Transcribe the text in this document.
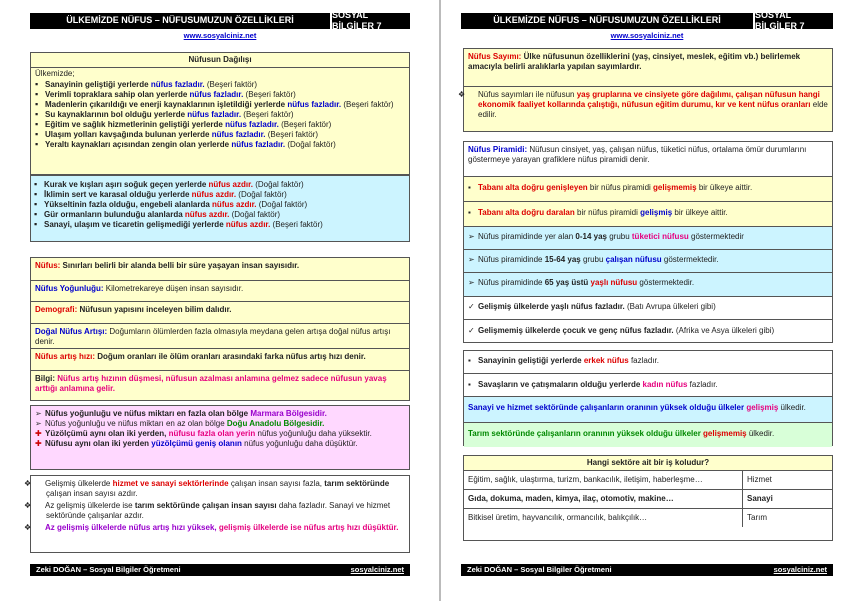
ÜLKEMİZDE NÜFUS – NÜFUSUMUZUN ÖZELLİKLERİ
SOSYAL BİLGİLER 7
www.sosyalciniz.net
Nüfusun Dağılışı
Ülkemizde;
▪ Sanayinin geliştiği yerlerde nüfus fazladır. (Beşeri faktör)
▪ Verimli topraklara sahip olan yerlerde nüfus fazladır. (Beşeri faktör)
▪ Madenlerin çıkarıldığı ve enerji kaynaklarının işletildiği yerlerde nüfus fazladır. (Beşeri faktör)
▪ Su kaynaklarının bol olduğu yerlerde nüfus fazladır. (Beşeri faktör)
▪ Eğitim ve sağlık hizmetlerinin geliştiği yerlerde nüfus fazladır. (Beşeri faktör)
▪ Ulaşım yolları kavşağında bulunan yerlerde nüfus fazladır. (Beşeri faktör)
▪ Yeraltı kaynakları açısından zengin olan yerlerde nüfus fazladır. (Doğal faktör)
▪ Kurak ve kışları aşırı soğuk geçen yerlerde nüfus azdır. (Doğal faktör)
▪ İklimin sert ve karasal olduğu yerlerde nüfus azdır. (Doğal faktör)
▪ Yükseltinin fazla olduğu, engebeli alanlarda nüfus azdır. (Doğal faktör)
▪ Gür ormanların bulunduğu alanlarda nüfus azdır. (Doğal faktör)
▪ Sanayi, ulaşım ve ticaretin gelişmediği yerlerde nüfus azdır. (Beşeri faktör)
Nüfus: Sınırları belirli bir alanda belli bir süre yaşayan insan sayısıdır.
Nüfus Yoğunluğu: Kilometrekareye düşen insan sayısıdır.
Demografi: Nüfusun yapısını inceleyen bilim dalıdır.
Doğal Nüfus Artışı: Doğumların ölümlerden fazla olmasıyla meydana gelen artışa doğal nüfus artışı denir.
Nüfus artış hızı: Doğum oranları ile ölüm oranları arasındaki farka nüfus artış hızı denir.
Bilgi: Nüfus artış hızının düşmesi, nüfusun azalması anlamına gelmez sadece nüfusun yavaş arttığı anlamına gelir.
➢ Nüfus yoğunluğu ve nüfus miktarı en fazla olan bölge Marmara Bölgesidir.
➢ Nüfus yoğunluğu ve nüfus miktarı en az olan bölge Doğu Anadolu Bölgesidir.
✚ Yüzölçümü aynı olan iki yerden, nüfusu fazla olan yerin nüfus yoğunluğu daha yüksektir.
✚ Nüfusu aynı olan iki yerden yüzölçümü geniş olanın nüfus yoğunluğu daha düşüktür.
❖ Gelişmiş ülkelerde hizmet ve sanayi sektörlerinde çalışan insan sayısı fazla, tarım sektöründe çalışan insan sayısı azdır.
❖ Az gelişmiş ülkelerde ise tarım sektöründe çalışan insan sayısı daha fazladır. Sanayi ve hizmet sektöründe çalışanlar azdır.
❖ Az gelişmiş ülkelerde nüfus artış hızı yüksek, gelişmiş ülkelerde ise nüfus artış hızı düşüktür.
Zeki DOĞAN – Sosyal Bilgiler Öğretmeni	sosyalciniz.net
ÜLKEMİZDE NÜFUS – NÜFUSUMUZUN ÖZELLİKLERİ
SOSYAL BİLGİLER 7
www.sosyalciniz.net
Nüfus Sayımı: Ülke nüfusunun özelliklerini (yaş, cinsiyet, meslek, eğitim vb.) belirlemek amacıyla belirli aralıklarla yapılan sayımlardır.
❖ Nüfus sayımları ile nüfusun yaş gruplarına ve cinsiyete göre dağılımı, çalışan nüfusun hangi ekonomik faaliyet kollarında çalıştığı, nüfusun eğitim durumu, kır ve kent nüfus oranları elde edilir.
Nüfus Piramidi: Nüfusun cinsiyet, yaş, çalışan nüfus, tüketici nüfus, ortalama ömür durumlarını göstermeye yarayan grafiklere nüfus piramidi denir.
▪ Tabanı alta doğru genişleyen bir nüfus piramidi gelişmemiş bir ülkeye aittir.
▪ Tabanı alta doğru daralan bir nüfus piramidi gelişmiş bir ülkeye aittir.
➢ Nüfus piramidinde yer alan 0-14 yaş grubu tüketici nüfusu göstermektedir
➢ Nüfus piramidinde 15-64 yaş grubu çalışan nüfusu göstermektedir.
➢ Nüfus piramidinde 65 yaş üstü yaşlı nüfusu göstermektedir.
✓ Gelişmiş ülkelerde yaşlı nüfus fazladır. (Batı Avrupa ülkeleri gibi)
✓ Gelişmemiş ülkelerde çocuk ve genç nüfus fazladır. (Afrika ve Asya ülkeleri gibi)
▪ Sanayinin geliştiği yerlerde erkek nüfus fazladır.
▪ Savaşların ve çatışmaların olduğu yerlerde kadın nüfus fazladır.
Sanayi ve hizmet sektöründe çalışanların oranının yüksek olduğu ülkeler gelişmiş ülkedir.
Tarım sektöründe çalışanların oranının yüksek olduğu ülkeler gelişmemiş ülkedir.
Hangi sektöre ait bir iş koludur?
Eğitim, sağlık, ulaştırma, turizm, bankacılık, iletişim, haberleşme…	Hizmet
Gıda, dokuma, maden, kimya, ilaç, otomotiv, makine…	Sanayi
Bitkisel üretim, hayvancılık, ormancılık, balıkçılık…	Tarım
Zeki DOĞAN – Sosyal Bilgiler Öğretmeni	sosyalciniz.net
